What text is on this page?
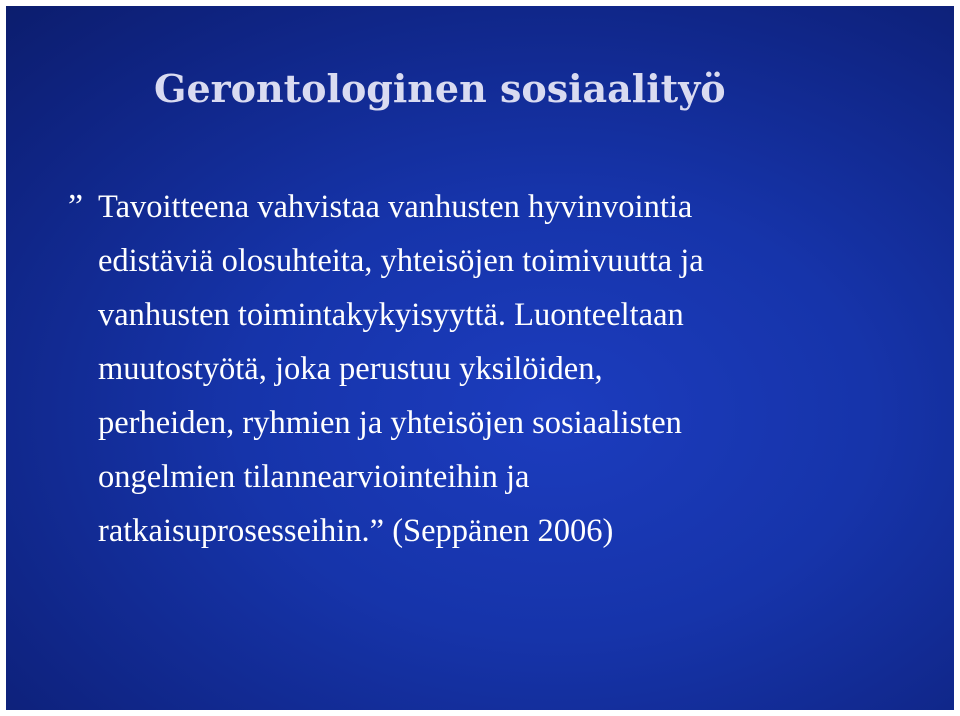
Gerontologinen sosiaalityö
” Tavoitteena vahvistaa vanhusten hyvinvointia
edistäviä olosuhteita, yhteisöjen toimivuutta ja
vanhusten toimintakykyisyyttä. Luonteeltaan
muutostyötä, joka perustuu yksilöiden,
perheiden, ryhmien ja yhteisöjen sosiaalisten
ongelmien tilannearviointeihin ja
ratkaisuprosesseihin.” (Seppänen 2006)
